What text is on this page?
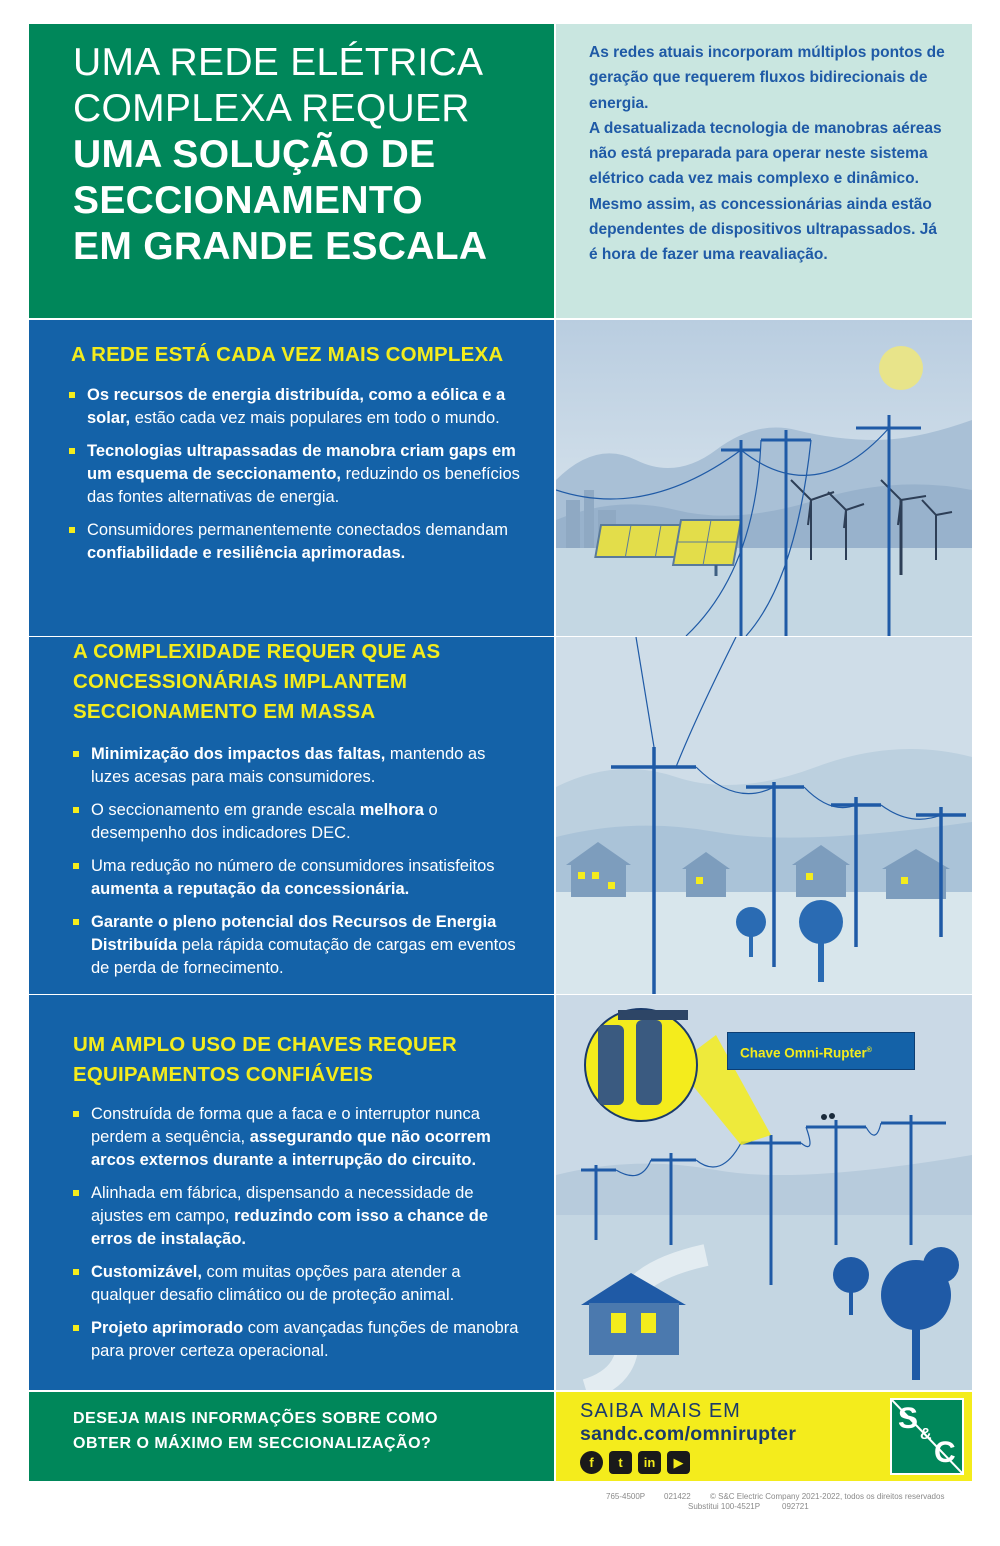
UMA REDE ELÉTRICA
COMPLEXA REQUER
UMA SOLUÇÃO DE
SECCIONAMENTO
EM GRANDE ESCALA

As redes atuais incorporam múltiplos pontos de geração que requerem fluxos bidirecionais de energia.

A desatualizada tecnologia de manobras aéreas não está preparada para operar neste sistema elétrico cada vez mais complexo e dinâmico. Mesmo assim, as concessionárias ainda estão dependentes de dispositivos ultrapassados. Já é hora de fazer uma reavaliação.

A REDE ESTÁ CADA VEZ MAIS COMPLEXA
Os recursos de energia distribuída, como a eólica e a solar, estão cada vez mais populares em todo o mundo.
Tecnologias ultrapassadas de manobra criam gaps em um esquema de seccionamento, reduzindo os benefícios das fontes alternativas de energia.
Consumidores permanentemente conectados demandam confiabilidade e resiliência aprimoradas.
A COMPLEXIDADE REQUER QUE AS
CONCESSIONÁRIAS IMPLANTEM
SECCIONAMENTO EM MASSA
Minimização dos impactos das faltas, mantendo as luzes acesas para mais consumidores.
O seccionamento em grande escala melhora o desempenho dos indicadores DEC.
Uma redução no número de consumidores insatisfeitos aumenta a reputação da concessionária.
Garante o pleno potencial dos Recursos de Energia Distribuída pela rápida comutação de cargas em eventos de perda de fornecimento.
UM AMPLO USO DE CHAVES REQUER
EQUIPAMENTOS CONFIÁVEIS
Construída de forma que a faca e o interruptor nunca perdem a sequência, assegurando que não ocorrem arcos externos durante a interrupção do circuito.
Alinhada em fábrica, dispensando a necessidade de ajustes em campo, reduzindo com isso a chance de erros de instalação.
Customizável, com muitas opções para atender a qualquer desafio climático ou de proteção animal.
Projeto aprimorado com avançadas funções de manobra para prover certeza operacional.
Chave Omni-Rupter®
DESEJA MAIS INFORMAÇÕES SOBRE COMO
OBTER O MÁXIMO EM SECCIONALIZAÇÃO?
SAIBA MAIS EM
sandc.com/omnirupter
f	t	in	▶
S &
C
765-4500P 021422 © S&C Electric Company 2021-2022, todos os direitos reservados
Substitui 100-4521P	092721
